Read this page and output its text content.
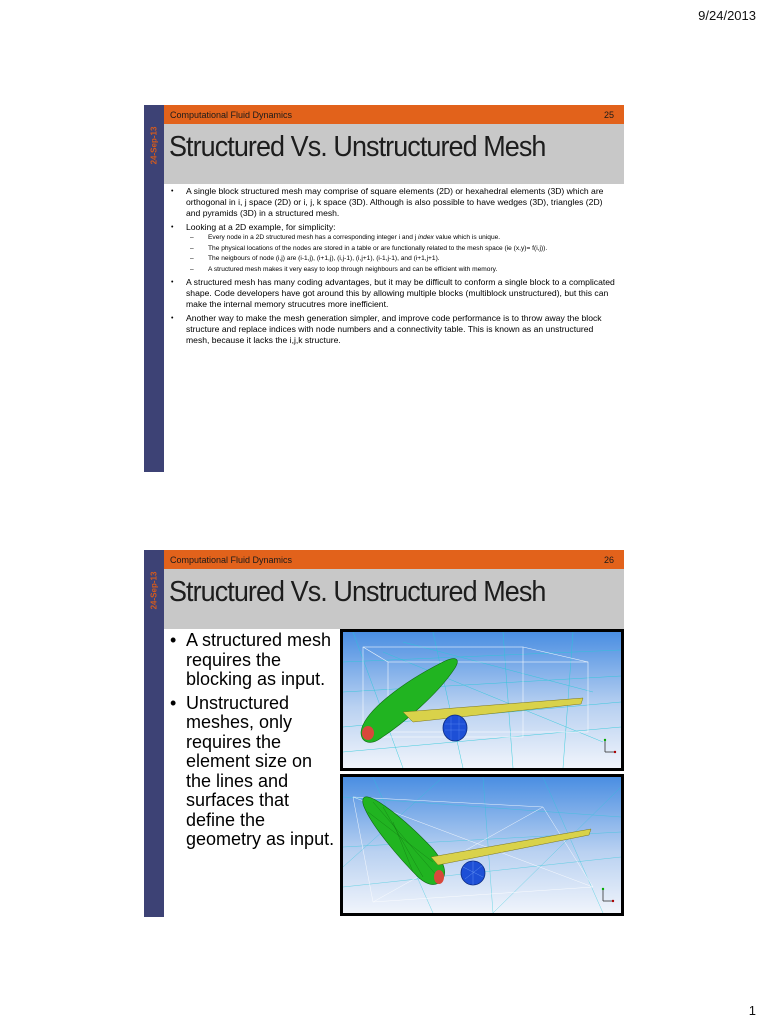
9/24/2013
24-Sep-13
Computational Fluid Dynamics	25
Structured Vs. Unstructured Mesh
• A single block structured mesh may comprise of square elements (2D) or hexahedral elements (3D) which are orthogonal in i, j space (2D) or i, j, k space (3D). Although is also possible to have wedges (3D), triangles (2D) and pyramids (3D) in a structured mesh.
• Looking at a 2D example, for simplicity:
– Every node in a 2D structured mesh has a corresponding integer i and j index value which is unique.
– The physical locations of the nodes are stored in a table or are functionally related to the mesh space (ie (x,y)= f(i,j)).
– The neigbours of node (i,j) are (i-1,j), (i+1,j), (i,j-1), (i,j+1), (i-1,j-1), and (i+1,j+1).
– A structured mesh makes it very easy to loop through neighbours and can be efficient with memory.
• A structured mesh has many coding advantages, but it may be difficult to conform a single block to a complicated shape. Code developers have got around this by allowing multiple blocks (multiblock unstructured), but this can make the internal memory strucutres more inefficient.
• Another way to make the mesh generation simpler, and improve code performance is to throw away the block structure and replace indices with node numbers and a connectivity table. This is known as an unstructured mesh, because it lacks the i,j,k structure.
24-Sep-13
Computational Fluid Dynamics	26
Structured Vs. Unstructured Mesh
• A structured mesh requires the blocking as input.
• Unstructured meshes, only requires the element size on the lines and surfaces that define the geometry as input.
1
